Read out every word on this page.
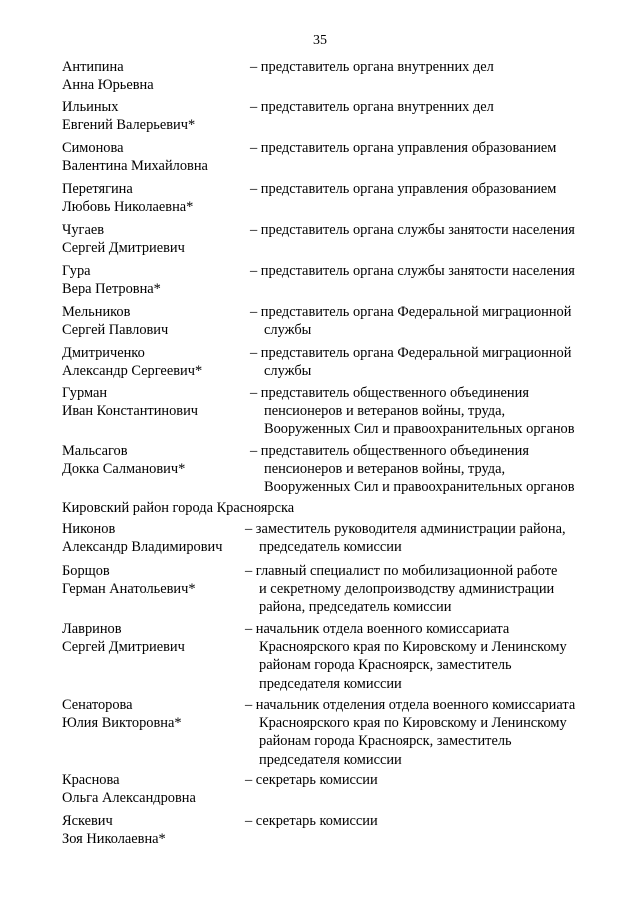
35
Антипина
Анна Юрьевна
– представитель органа внутренних дел
Ильиных
Евгений Валерьевич*
– представитель органа внутренних дел
Симонова
Валентина Михайловна
– представитель органа управления образованием
Перетягина
Любовь Николаевна*
– представитель органа управления образованием
Чугаев
Сергей Дмитриевич
– представитель органа службы занятости населения
Гура
Вера Петровна*
– представитель органа службы занятости населения
Мельников
Сергей Павлович
– представитель органа Федеральной миграционной
службы
Дмитриченко
Александр Сергеевич*
– представитель органа Федеральной миграционной
службы
Гурман
Иван Константинович
– представитель общественного объединения
пенсионеров и ветеранов войны, труда,
Вооруженных Сил и правоохранительных органов
Мальсагов
Докка Салманович*
– представитель общественного объединения
пенсионеров и ветеранов войны, труда,
Вооруженных Сил и правоохранительных органов
Кировский район города Красноярска
Никонов
Александр Владимирович
– заместитель руководителя администрации района,
председатель комиссии
Борщов
Герман Анатольевич*
– главный специалист по мобилизационной работе
и секретному делопроизводству администрации
района, председатель комиссии
Лавринов
Сергей Дмитриевич
– начальник отдела военного комиссариата
Красноярского края по Кировскому и Ленинскому
районам города Красноярск, заместитель
председателя комиссии
Сенаторова
Юлия Викторовна*
– начальник отделения отдела военного комиссариата
Красноярского края по Кировскому и Ленинскому
районам города Красноярск, заместитель
председателя комиссии
Краснова
Ольга Александровна
– секретарь комиссии
Яскевич
Зоя Николаевна*
– секретарь комиссии
